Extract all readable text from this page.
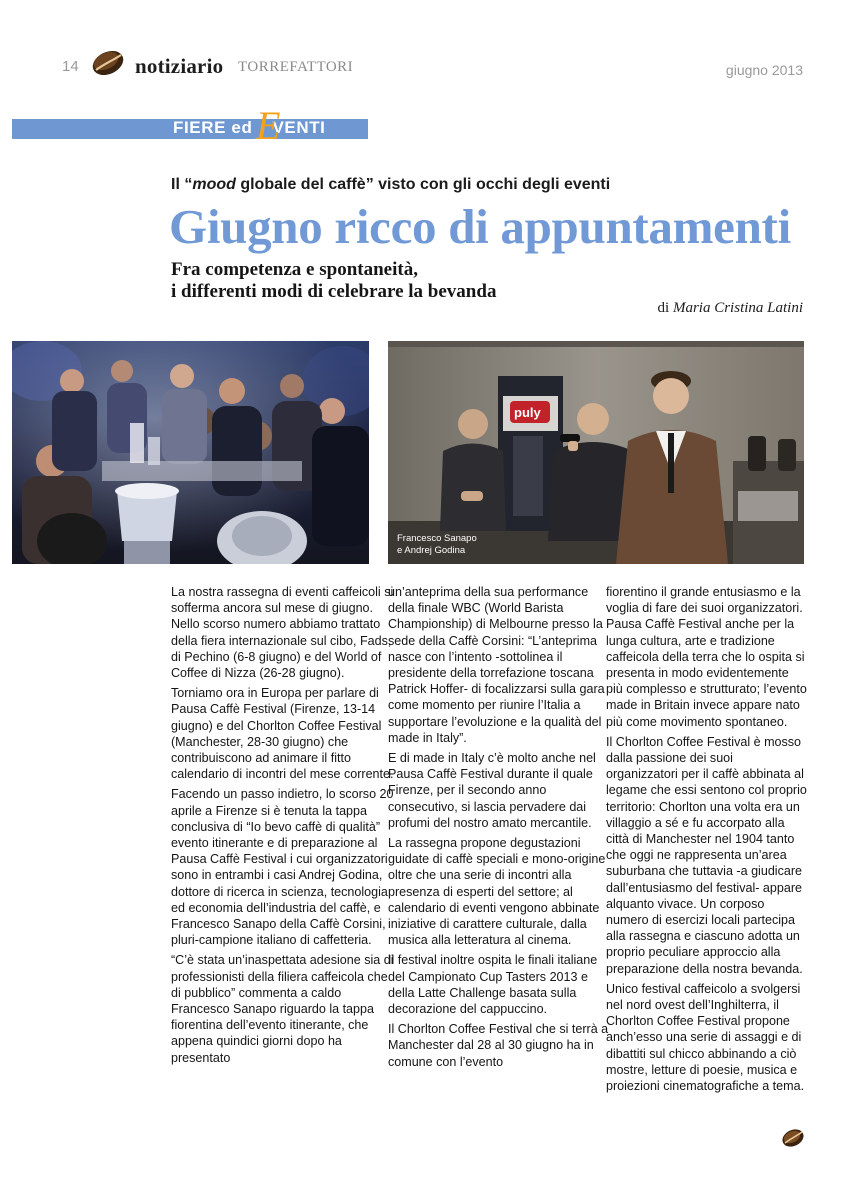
14	notiziario TORREFATTORI	giugno 2013
FIERE ed VENTI
E
Il “mood globale del caffè” visto con gli occhi degli eventi
Giugno ricco di appuntamenti
Fra competenza e spontaneità,
i differenti modi di celebrare la bevanda
di Maria Cristina Latini
puly
Francesco Sanapo
e Andrej Godina

La nostra rassegna di eventi caffeicoli si sofferma ancora sul mese di giugno. Nello scorso numero abbiamo trattato della fiera internazionale sul cibo, Fads, di Pechino (6-8 giugno) e del World of Coffee di Nizza (26-28 giugno).

Torniamo ora in Europa per parlare di Pausa Caffè Festival (Firenze, 13-14 giugno) e del Chorlton Coffee Festival (Manchester, 28-30 giugno) che contribuiscono ad animare il fitto calendario di incontri del mese corrente.

Facendo un passo indietro, lo scorso 20 aprile a Firenze si è tenuta la tappa conclusiva di “Io bevo caffè di qualità” evento itinerante e di preparazione al Pausa Caffè Festival i cui organizzatori sono in entrambi i casi Andrej Godina, dottore di ricerca in scienza, tecnologia ed economia dell’industria del caffè, e Francesco Sanapo della Caffè Corsini, pluri-campione italiano di caffetteria.

“C’è stata un’inaspettata adesione sia di professionisti della filiera caffeicola che di pubblico” commenta a caldo Francesco Sanapo riguardo la tappa fiorentina dell’evento itinerante, che appena quindici giorni dopo ha presentato

un’anteprima della sua performance della finale WBC (World Barista Championship) di Melbourne presso la sede della Caffè Corsini: “L’anteprima nasce con l’intento -sottolinea il presidente della torrefazione toscana Patrick Hoffer- di focalizzarsi sulla gara come momento per riunire l’Italia a supportare l’evoluzione e la qualità del made in Italy”.

E di made in Italy c’è molto anche nel Pausa Caffè Festival durante il quale Firenze, per il secondo anno consecutivo, si lascia pervadere dai profumi del nostro amato mercantile.

La rassegna propone degustazioni guidate di caffè speciali e mono-origine oltre che una serie di incontri alla presenza di esperti del settore; al calendario di eventi vengono abbinate iniziative di carattere culturale, dalla musica alla letteratura al cinema.

Il festival inoltre ospita le finali italiane del Campionato Cup Tasters 2013 e della Latte Challenge basata sulla decorazione del cappuccino.

Il Chorlton Coffee Festival che si terrà a Manchester dal 28 al 30 giugno ha in comune con l’evento

fiorentino il grande entusiasmo e la voglia di fare dei suoi organizzatori. Pausa Caffè Festival anche per la lunga cultura, arte e tradizione caffeicola della terra che lo ospita si presenta in modo evidentemente più complesso e strutturato; l’evento made in Britain invece appare nato più come movimento spontaneo.

Il Chorlton Coffee Festival è mosso dalla passione dei suoi organizzatori per il caffè abbinata al legame che essi sentono col proprio territorio: Chorlton una volta era un villaggio a sé e fu accorpato alla città di Manchester nel 1904 tanto che oggi ne rappresenta un’area suburbana che tuttavia -a giudicare dall’entusiasmo del festival- appare alquanto vivace. Un corposo numero di esercizi locali partecipa alla rassegna e ciascuno adotta un proprio peculiare approccio alla preparazione della nostra bevanda.

Unico festival caffeicolo a svolgersi nel nord ovest dell’Inghilterra, il Chorlton Coffee Festival propone anch’esso una serie di assaggi e di dibattiti sul chicco abbinando a ciò mostre, letture di poesie, musica e proiezioni cinematografiche a tema.
